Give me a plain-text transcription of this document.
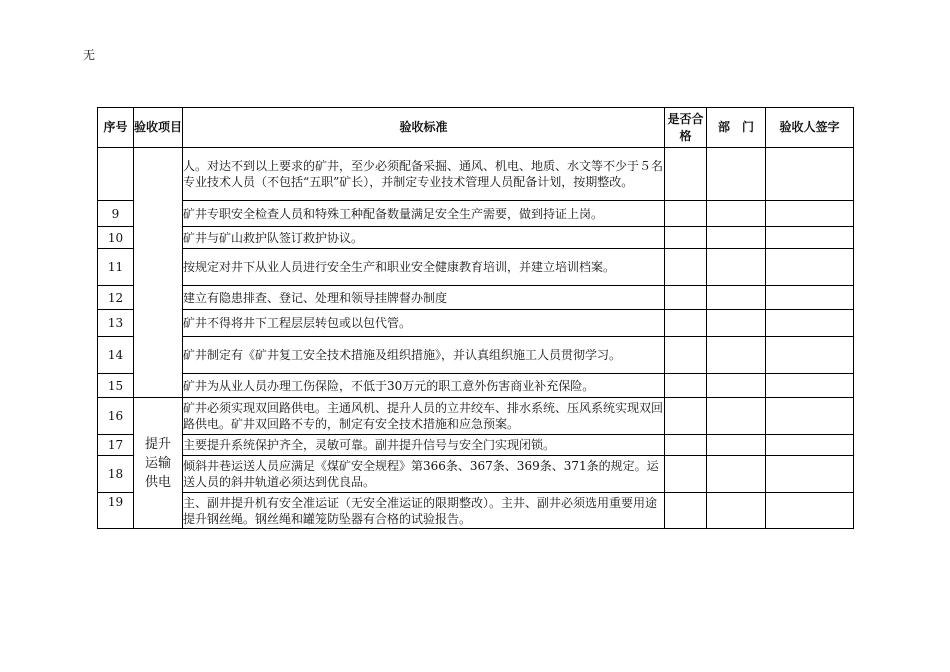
无
序号	验收项目	验收标准	是否合格	部　门	验收人签字
		人。对达不到以上要求的矿井，至少必须配备采掘、通风、机电、地质、水文等不少于５名专业技术人员（不包括“五职”矿长），并制定专业技术管理人员配备计划，按期整改。			
9		矿井专职安全检查人员和特殊工种配备数量满足安全生产需要，做到持证上岗。			
10		矿井与矿山救护队签订救护协议。			
11		按规定对井下从业人员进行安全生产和职业安全健康教育培训，并建立培训档案。			
12		建立有隐患排查、登记、处理和领导挂牌督办制度			
13		矿井不得将井下工程层层转包或以包代管。			
14		矿井制定有《矿井复工安全技术措施及组织措施》，并认真组织施工人员贯彻学习。			
15		矿井为从业人员办理工伤保险，不低于30万元的职工意外伤害商业补充保险。			
16	提升运输供电	矿井必须实现双回路供电。主通风机、提升人员的立井绞车、排水系统、压风系统实现双回路供电。矿井双回路不专的，制定有安全技术措施和应急预案。			
17		主要提升系统保护齐全，灵敏可靠。副井提升信号与安全门实现闭锁。			
18		倾斜井巷运送人员应满足《煤矿安全规程》第366条、367条、369条、371条的规定。运送人员的斜井轨道必须达到优良品。			
19		主、副井提升机有安全准运证（无安全准运证的限期整改）。主井、副井必须选用重要用途提升钢丝绳。钢丝绳和罐笼防坠器有合格的试验报告。			
